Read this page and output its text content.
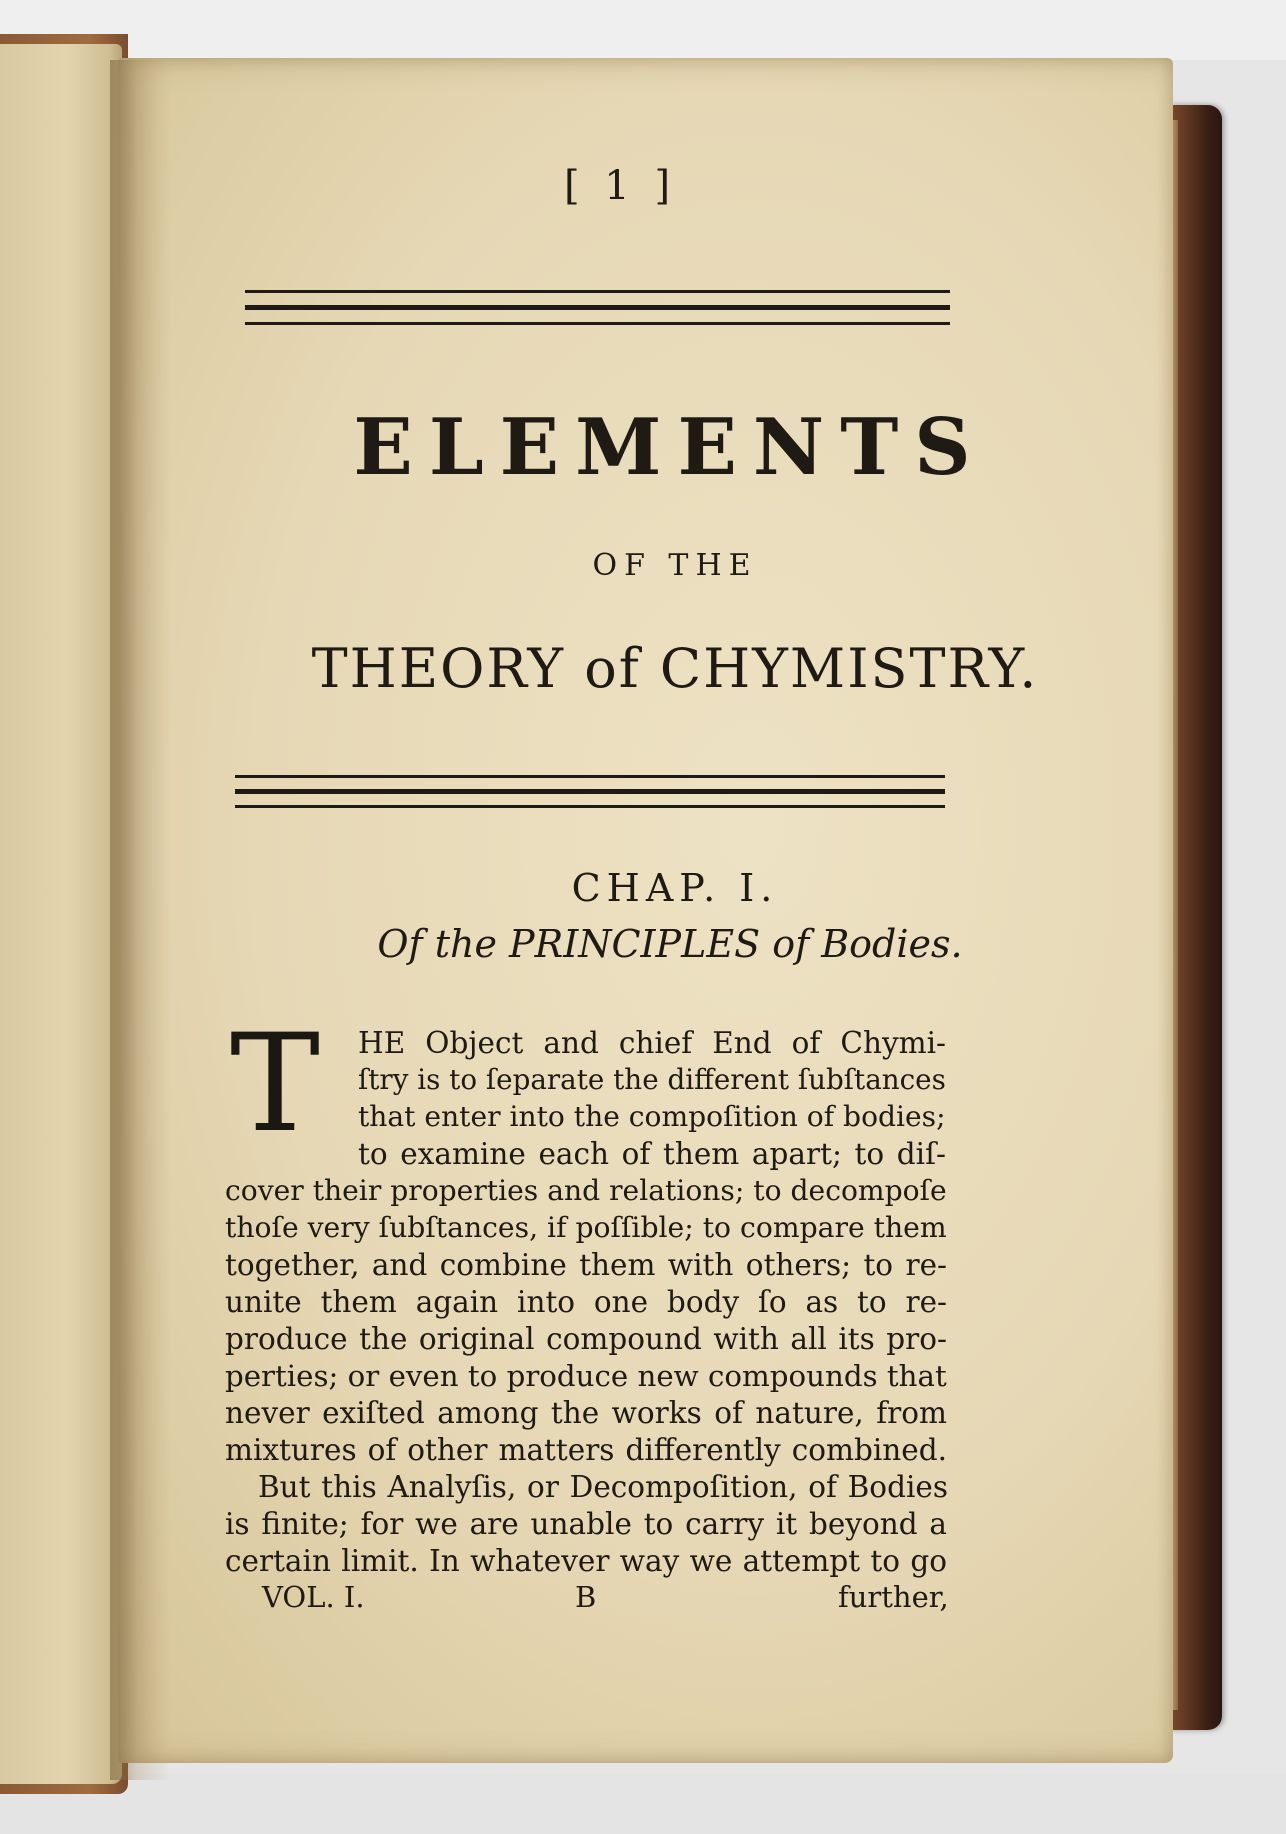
[ 1 ]
ELEMENTS
OF THE
THEORY of CHYMISTRY.
CHAP. I.
Of the PRINCIPLES of Bodies.
T HE Object and chief End of Chymi-
ſtry is to ſeparate the different ſubſtances
that enter into the compoſition of bodies;
to examine each of them apart; to diſ-
cover their properties and relations; to decompoſe
thoſe very ſubſtances, if poſſible; to compare them
together, and combine them with others; to re-
unite them again into one body ſo as to re-
produce the original compound with all its pro-
perties; or even to produce new compounds that
never exiſted among the works of nature, from
mixtures of other matters differently combined.
But this Analyſis, or Decompoſition, of Bodies
is finite; for we are unable to carry it beyond a
certain limit. In whatever way we attempt to go
VOL. I.	B	further,
